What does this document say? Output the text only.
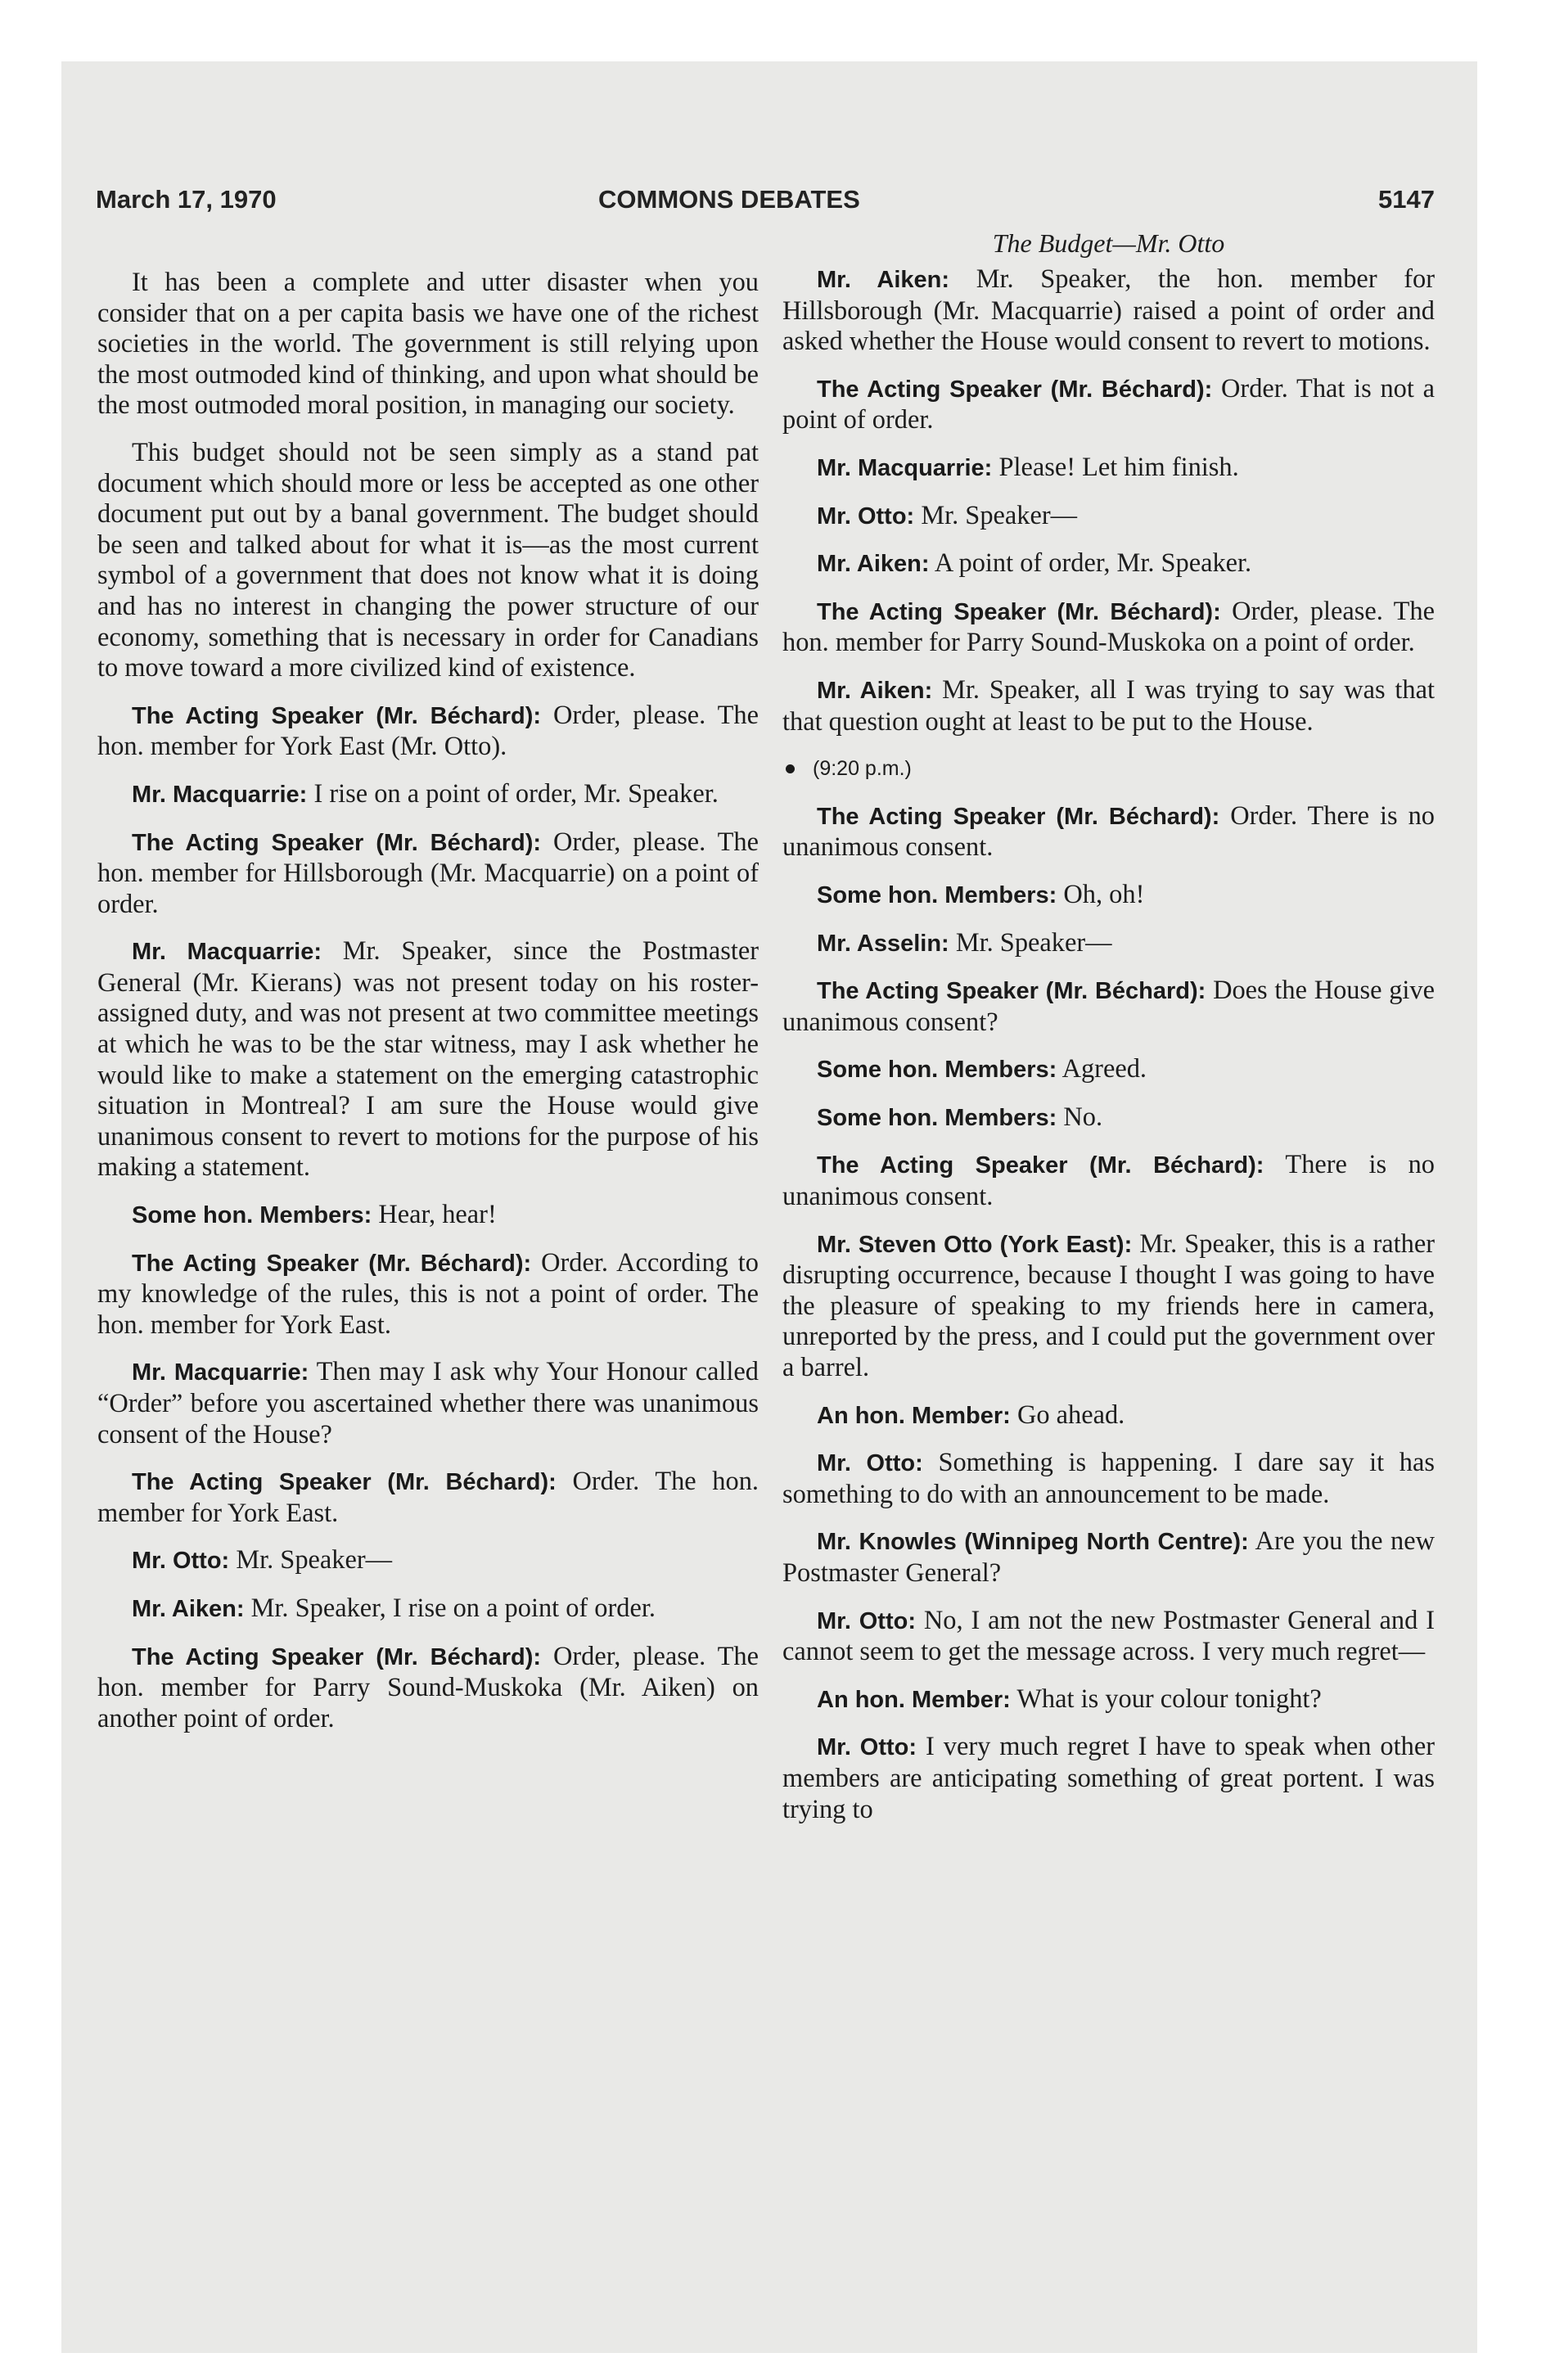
March 17, 1970	COMMONS DEBATES	5147

It has been a complete and utter disaster when you consider that on a per capita basis we have one of the richest societies in the world. The government is still relying upon the most outmoded kind of thinking, and upon what should be the most outmoded moral position, in managing our society.

This budget should not be seen simply as a stand pat document which should more or less be accepted as one other document put out by a banal government. The budget should be seen and talked about for what it is—as the most current symbol of a government that does not know what it is doing and has no interest in changing the power structure of our economy, something that is necessary in order for Canadians to move toward a more civilized kind of existence.

The Acting Speaker (Mr. Béchard): Order, please. The hon. member for York East (Mr. Otto).

Mr. Macquarrie: I rise on a point of order, Mr. Speaker.

The Acting Speaker (Mr. Béchard): Order, please. The hon. member for Hillsborough (Mr. Macquarrie) on a point of order.

Mr. Macquarrie: Mr. Speaker, since the Postmaster General (Mr. Kierans) was not present today on his roster-assigned duty, and was not present at two committee meetings at which he was to be the star witness, may I ask whether he would like to make a statement on the emerging catastrophic situation in Montreal? I am sure the House would give unanimous consent to revert to motions for the purpose of his making a statement.

Some hon. Members: Hear, hear!

The Acting Speaker (Mr. Béchard): Order. According to my knowledge of the rules, this is not a point of order. The hon. member for York East.

Mr. Macquarrie: Then may I ask why Your Honour called “Order” before you ascertained whether there was unanimous consent of the House?

The Acting Speaker (Mr. Béchard): Order. The hon. member for York East.

Mr. Otto: Mr. Speaker—

Mr. Aiken: Mr. Speaker, I rise on a point of order.

The Acting Speaker (Mr. Béchard): Order, please. The hon. member for Parry Sound-Muskoka (Mr. Aiken) on another point of order.

The Budget—Mr. Otto

Mr. Aiken: Mr. Speaker, the hon. member for Hillsborough (Mr. Macquarrie) raised a point of order and asked whether the House would consent to revert to motions.

The Acting Speaker (Mr. Béchard): Order. That is not a point of order.

Mr. Macquarrie: Please! Let him finish.

Mr. Otto: Mr. Speaker—

Mr. Aiken: A point of order, Mr. Speaker.

The Acting Speaker (Mr. Béchard): Order, please. The hon. member for Parry Sound-Muskoka on a point of order.

Mr. Aiken: Mr. Speaker, all I was trying to say was that that question ought at least to be put to the House.

(9:20 p.m.)

The Acting Speaker (Mr. Béchard): Order. There is no unanimous consent.

Some hon. Members: Oh, oh!

Mr. Asselin: Mr. Speaker—

The Acting Speaker (Mr. Béchard): Does the House give unanimous consent?

Some hon. Members: Agreed.

Some hon. Members: No.

The Acting Speaker (Mr. Béchard): There is no unanimous consent.

Mr. Steven Otto (York East): Mr. Speaker, this is a rather disrupting occurrence, because I thought I was going to have the pleasure of speaking to my friends here in camera, unreported by the press, and I could put the government over a barrel.

An hon. Member: Go ahead.

Mr. Otto: Something is happening. I dare say it has something to do with an announcement to be made.

Mr. Knowles (Winnipeg North Centre): Are you the new Postmaster General?

Mr. Otto: No, I am not the new Postmaster General and I cannot seem to get the message across. I very much regret—

An hon. Member: What is your colour tonight?

Mr. Otto: I very much regret I have to speak when other members are anticipating something of great portent. I was trying to
